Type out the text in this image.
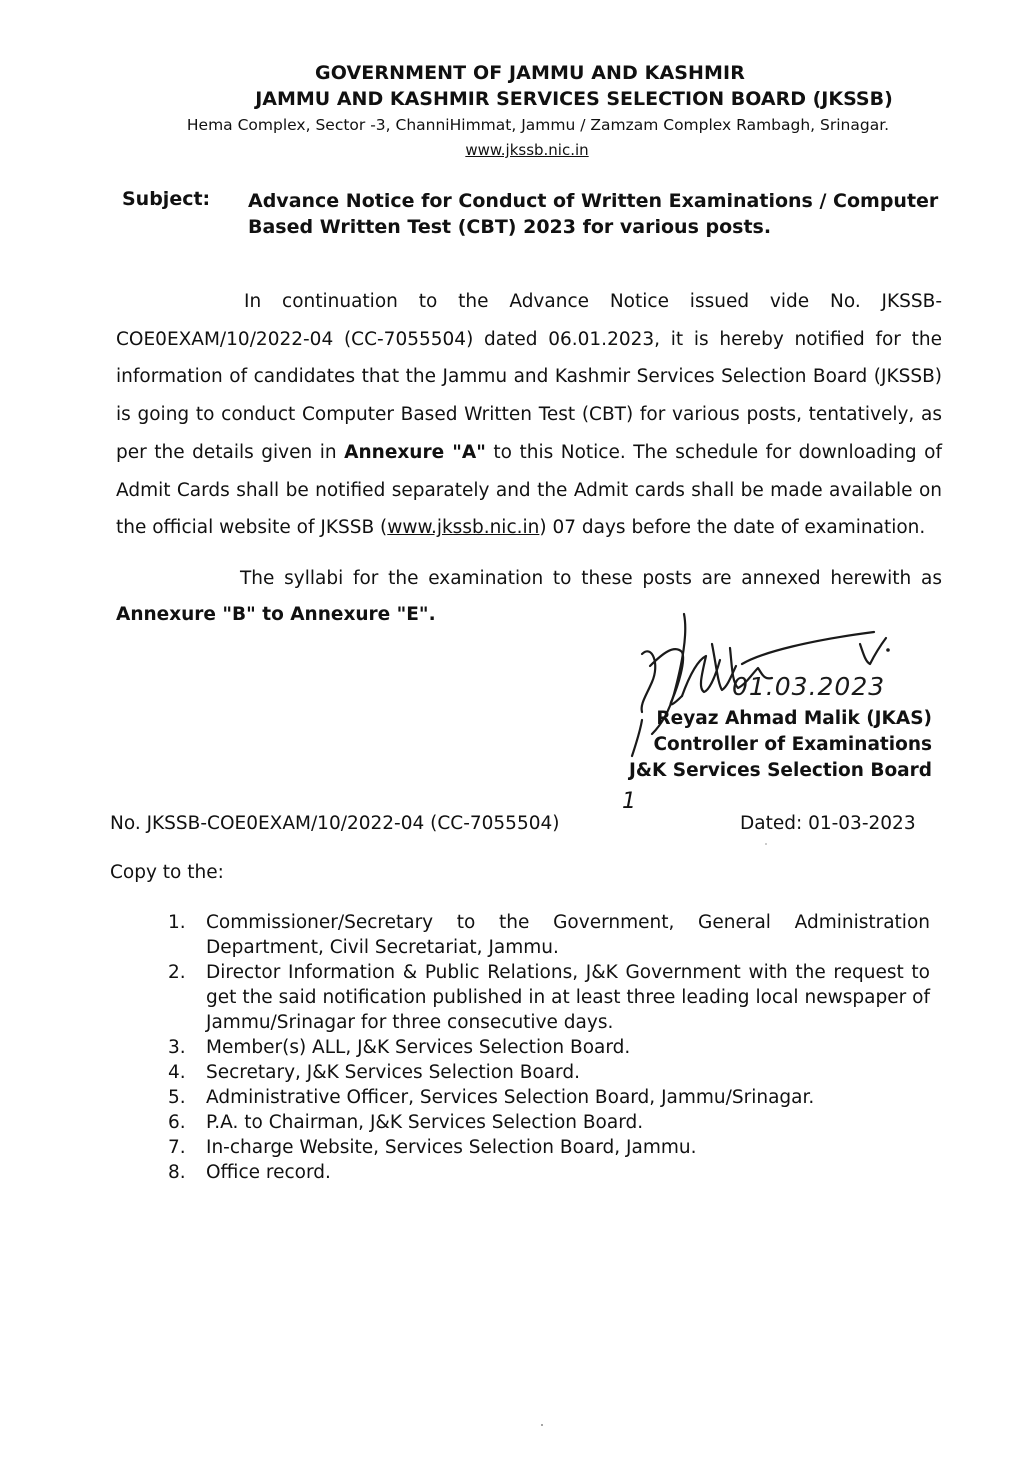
GOVERNMENT OF JAMMU AND KASHMIR
JAMMU AND KASHMIR SERVICES SELECTION BOARD (JKSSB)
Hema Complex, Sector -3, ChanniHimmat, Jammu / Zamzam Complex Rambagh, Srinagar.
www.jkssb.nic.in
Subject: Advance Notice for Conduct of Written Examinations / Computer Based Written Test (CBT) 2023 for various posts.
In continuation to the Advance Notice issued vide No. JKSSB-COE0EXAM/10/2022-04 (CC-7055504) dated 06.01.2023, it is hereby notified for the information of candidates that the Jammu and Kashmir Services Selection Board (JKSSB) is going to conduct Computer Based Written Test (CBT) for various posts, tentatively, as per the details given in Annexure "A" to this Notice. The schedule for downloading of Admit Cards shall be notified separately and the Admit cards shall be made available on the official website of JKSSB (www.jkssb.nic.in) 07 days before the date of examination.
The syllabi for the examination to these posts are annexed herewith as Annexure "B" to Annexure "E".
01.03.2023
1
Reyaz Ahmad Malik (JKAS)
Controller of Examinations
J&K Services Selection Board
No. JKSSB-COE0EXAM/10/2022-04 (CC-7055504)	Dated: 01-03-2023
Copy to the:
1. Commissioner/Secretary to the Government, General Administration Department, Civil Secretariat, Jammu.
2. Director Information & Public Relations, J&K Government with the request to get the said notification published in at least three leading local newspaper of Jammu/Srinagar for three consecutive days.
3. Member(s) ALL, J&K Services Selection Board.
4. Secretary, J&K Services Selection Board.
5. Administrative Officer, Services Selection Board, Jammu/Srinagar.
6. P.A. to Chairman, J&K Services Selection Board.
7. In-charge Website, Services Selection Board, Jammu.
8. Office record.
